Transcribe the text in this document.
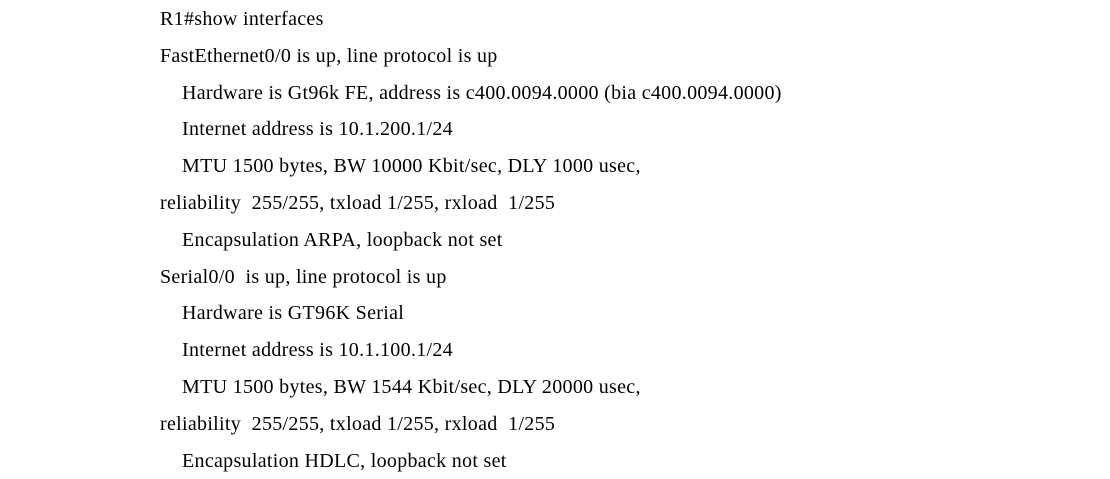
R1#show interfaces
FastEthernet0/0 is up, line protocol is up
Hardware is Gt96k FE, address is c400.0094.0000 (bia c400.0094.0000)
Internet address is 10.1.200.1/24
MTU 1500 bytes, BW 10000 Kbit/sec, DLY 1000 usec,
reliability  255/255, txload 1/255, rxload  1/255
Encapsulation ARPA, loopback not set
Serial0/0  is up, line protocol is up
Hardware is GT96K Serial
Internet address is 10.1.100.1/24
MTU 1500 bytes, BW 1544 Kbit/sec, DLY 20000 usec,
reliability  255/255, txload 1/255, rxload  1/255
Encapsulation HDLC, loopback not set
